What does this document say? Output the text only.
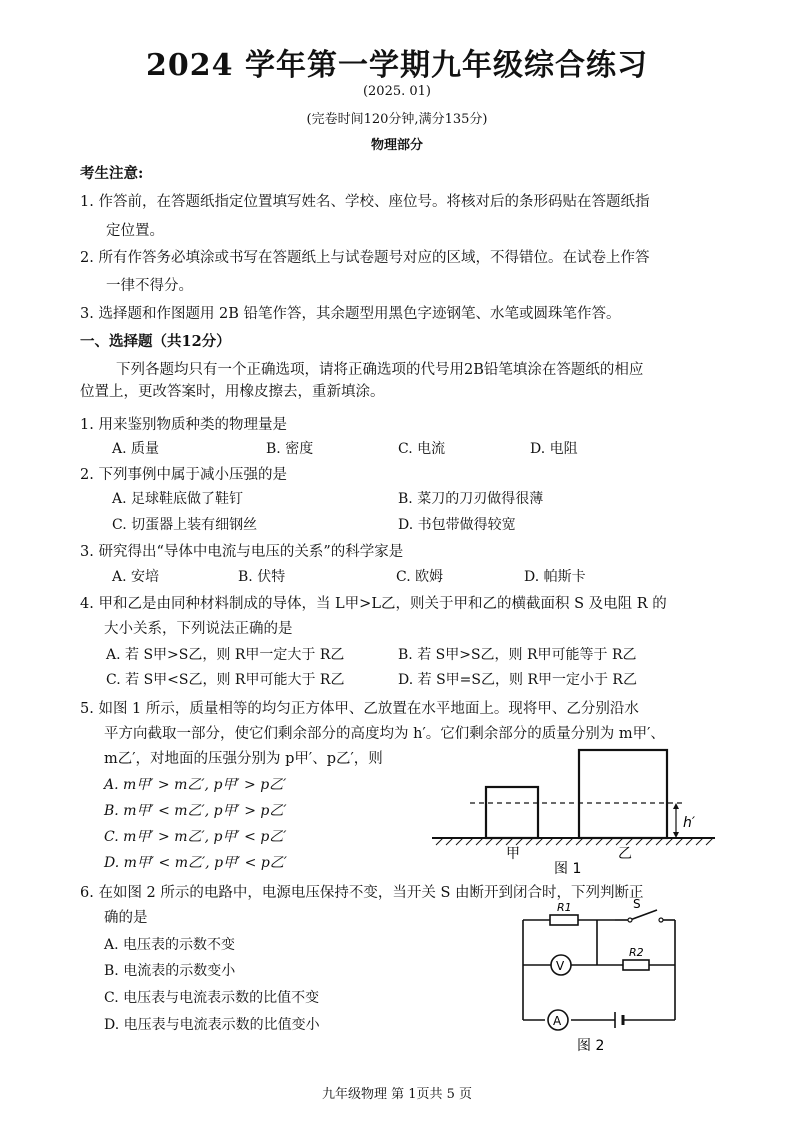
2024 学年第一学期九年级综合练习
(2025. 01)
(完卷时间120分钟,满分135分)
物理部分
考生注意:
1. 作答前，在答题纸指定位置填写姓名、学校、座位号。将核对后的条形码贴在答题纸指
定位置。
2. 所有作答务必填涂或书写在答题纸上与试卷题号对应的区域，不得错位。在试卷上作答
一律不得分。
3. 选择题和作图题用 2B 铅笔作答，其余题型用黑色字迹钢笔、水笔或圆珠笔作答。
一、选择题（共12分）
下列各题均只有一个正确选项，请将正确选项的代号用2B铅笔填涂在答题纸的相应
位置上，更改答案时，用橡皮擦去，重新填涂。
1. 用来鉴别物质种类的物理量是
A. 质量	B. 密度	C. 电流	D. 电阻
2. 下列事例中属于减小压强的是
A. 足球鞋底做了鞋钉	B. 菜刀的刀刃做得很薄
C. 切蛋器上装有细钢丝	D. 书包带做得较宽
3. 研究得出“导体中电流与电压的关系”的科学家是
A. 安培	B. 伏特	C. 欧姆	D. 帕斯卡
4. 甲和乙是由同种材料制成的导体，当 L甲>L乙，则关于甲和乙的横截面积 S 及电阻 R 的
大小关系，下列说法正确的是
A. 若 S甲>S乙，则 R甲一定大于 R乙	B. 若 S甲>S乙，则 R甲可能等于 R乙
C. 若 S甲<S乙，则 R甲可能大于 R乙	D. 若 S甲=S乙，则 R甲一定小于 R乙
5. 如图 1 所示，质量相等的均匀正方体甲、乙放置在水平地面上。现将甲、乙分别沿水
平方向截取一部分，使它们剩余部分的高度均为 h′。它们剩余部分的质量分别为 m甲′、
m乙′，对地面的压强分别为 p甲′、p乙′，则
A. m甲′ > m乙′, p甲′ > p乙′
B. m甲′ < m乙′, p甲′ > p乙′
C. m甲′ > m乙′, p甲′ < p乙′
D. m甲′ < m乙′, p甲′ < p乙′
h′
甲	乙
图 1
6. 在如图 2 所示的电路中，电源电压保持不变，当开关 S 由断开到闭合时，下列判断正
确的是
A. 电压表的示数不变
B. 电流表的示数变小
C. 电压表与电流表示数的比值不变
D. 电压表与电流表示数的比值变小
R1	S
R2
V
A
图 2
九年级物理 第 1页共 5 页
